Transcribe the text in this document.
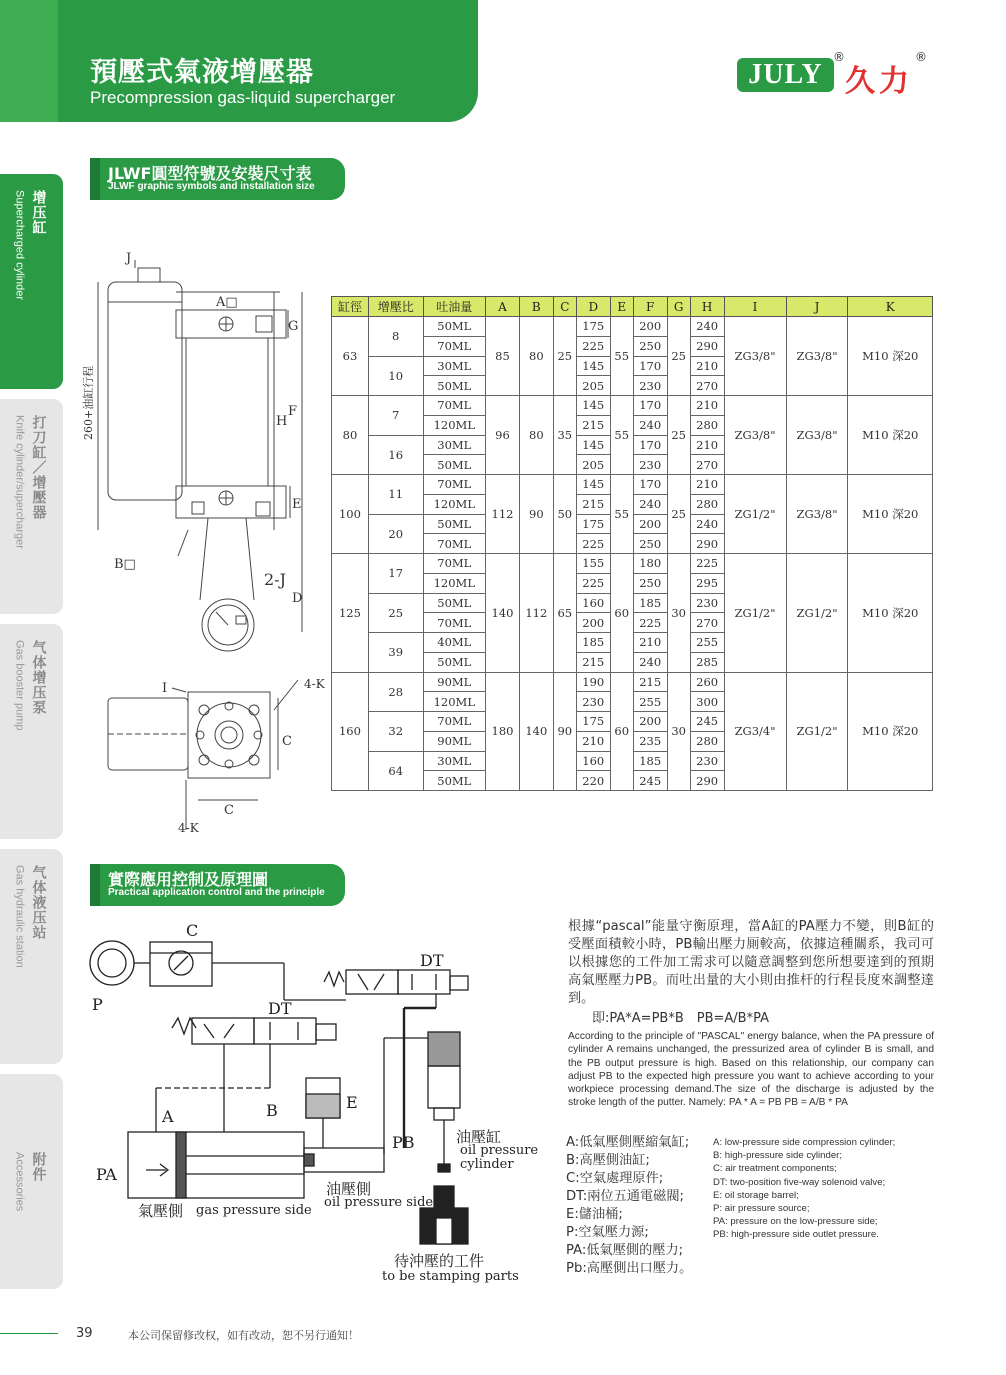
預壓式氣液增壓器
Precompression gas-liquid supercharger
JULY
®
久力
®
增压缸
Supercharged cylinder
打刀缸／增壓器
Knife cylinder/supercharger
气体增压泵
Gas booster pump
气体液压站
Gas hydraulic station
附件
Accessories
JLWF圓型符號及安裝尺寸表
JLWF graphic symbols and installation size
實際應用控制及原理圖
Practical application control and the principle
J
A□
G
H
F
E
B□
2-J
D
4-K
I
C
C
4-K
260+油缸行程
缸徑	增壓比	吐油量	A	B	C	D	E	F	G	H	I	J	K
63	8	50ML	85	80	25	175	55	200	25	240	ZG3/8"	ZG3/8"	M10 深20
		70ML				225		250		290			
	10	30ML				145		170		210			
		50ML				205		230		270			
80	7	70ML	96	80	35	145	55	170	25	210	ZG3/8"	ZG3/8"	M10 深20
		120ML				215		240		280			
	16	30ML				145		170		210			
		50ML				205		230		270			
100	11	70ML	112	90	50	145	55	170	25	210	ZG1/2"	ZG3/8"	M10 深20
		120ML				215		240		280			
	20	50ML				175		200		240			
		70ML				225		250		290			
125	17	70ML	140	112	65	155	60	180	30	225	ZG1/2"	ZG1/2"	M10 深20
		120ML				225		250		295			
	25	50ML				160		185		230			
		70ML				200		225		270			
	39	40ML				185		210		255			
		50ML				215		240		285			
160	28	90ML	180	140	90	190	60	215	30	260	ZG3/4"	ZG1/2"	M10 深20
		120ML				230		255		300			
	32	70ML				175		200		245			
		90ML				210		235		280			
	64	30ML				160		185		230			
		50ML				220		245		290			
C
P
DT
DT
A	B	E
PA
PB	油壓缸
oil pressure
cylinder
油壓側
oil pressure side
氣壓側 gas pressure side
待沖壓的工件
to be stamping parts
根據“pascal”能量守衡原理，當A缸的PA壓力不變，則B缸的受壓面積較小時，PB輸出壓力厠較高，依據這種關系，我司可以根據您的工件加工需求可以隨意調整到您所想要達到的預期高氣壓壓力PB。而吐出量的大小則由推杆的行程長度來調整達到。
即:PA*A=PB*B　PB=A/B*PA
According to the principle of "PASCAL" energy balance, when the PA pressure of cylinder A remains unchanged, the pressurized area of cylinder B is small, and the PB output pressure is high. Based on this relationship, our company can adjust PB to the expected high pressure you want to achieve according to your workpiece processing demand.The size of the discharge is adjusted by the stroke length of the putter. Namely: PA * A = PB PB = A/B * PA
A:低氣壓側壓縮氣缸;
B:高壓側油缸;
C:空氣處理原件;
DT:兩位五通電磁閥;
E:儲油桶;
P:空氣壓力源;
PA:低氣壓側的壓力;
Pb:高壓側出口壓力。
A: low-pressure side compression cylinder;
B: high-pressure side cylinder;
C: air treatment components;
DT: two-position five-way solenoid valve;
E: oil storage barrel;
P: air pressure source;
PA: pressure on the low-pressure side;
PB: high-pressure side outlet pressure.
39	本公司保留修改权，如有改动，恕不另行通知！
